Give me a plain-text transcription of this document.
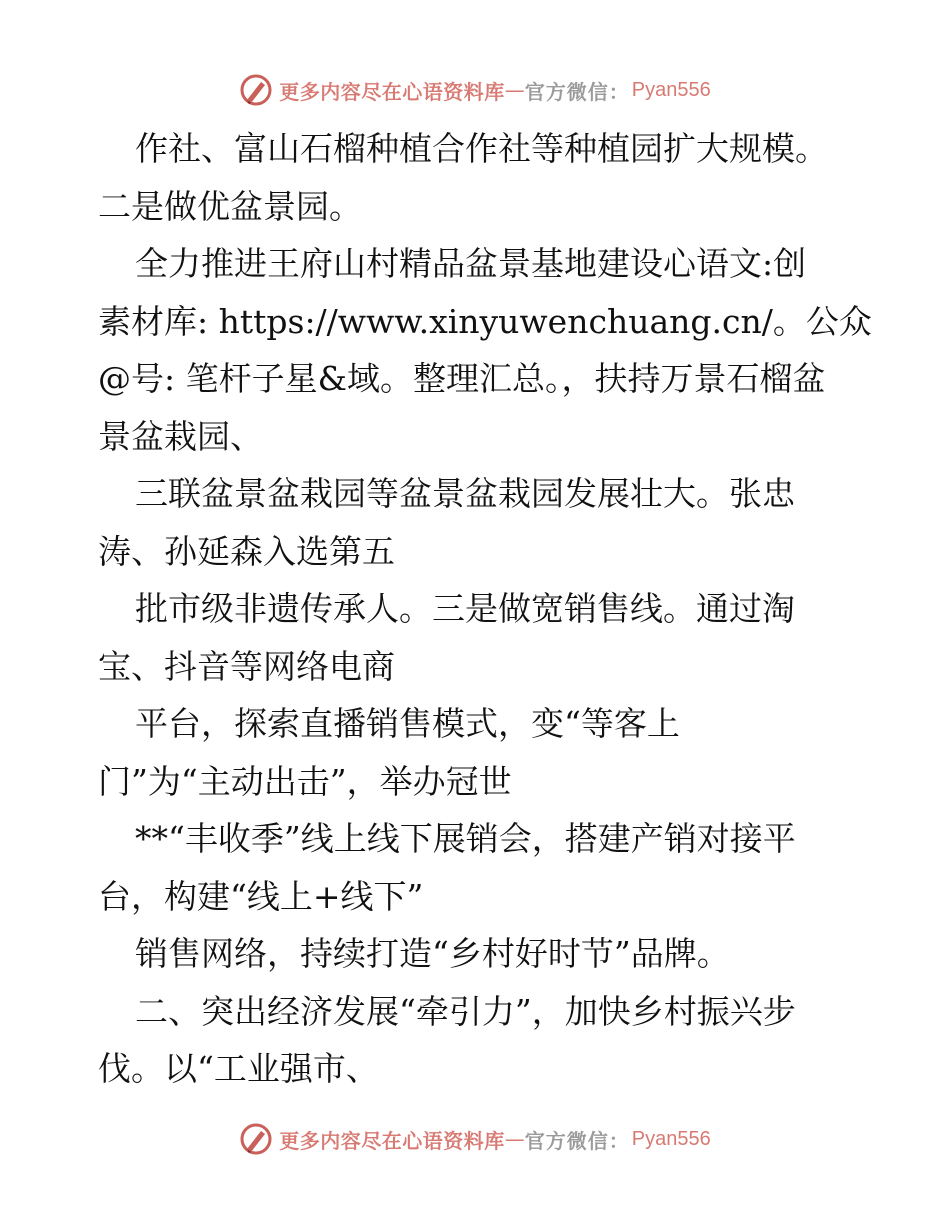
更多内容尽在心语资料库 — 官方微信： Pyan556
作社、富山石榴种植合作社等种植园扩大规模。
二是做优盆景园。
全力推进王府山村精品盆景基地建设心语文:创
素材库: https://www.xinyuwenchuang.cn/。公众
@号: 笔杆子星&域。整理汇总。，扶持万景石榴盆
景盆栽园、
三联盆景盆栽园等盆景盆栽园发展壮大。张忠
涛、孙延森入选第五
批市级非遗传承人。三是做宽销售线。通过淘
宝、抖音等网络电商
平台，探索直播销售模式，变“等客上
门”为“主动出击”，举办冠世
**“丰收季”线上线下展销会，搭建产销对接平
台，构建“线上+线下”
销售网络，持续打造“乡村好时节”品牌。
二、突出经济发展“牵引力”，加快乡村振兴步
伐。以“工业强市、
更多内容尽在心语资料库 — 官方微信： Pyan556
